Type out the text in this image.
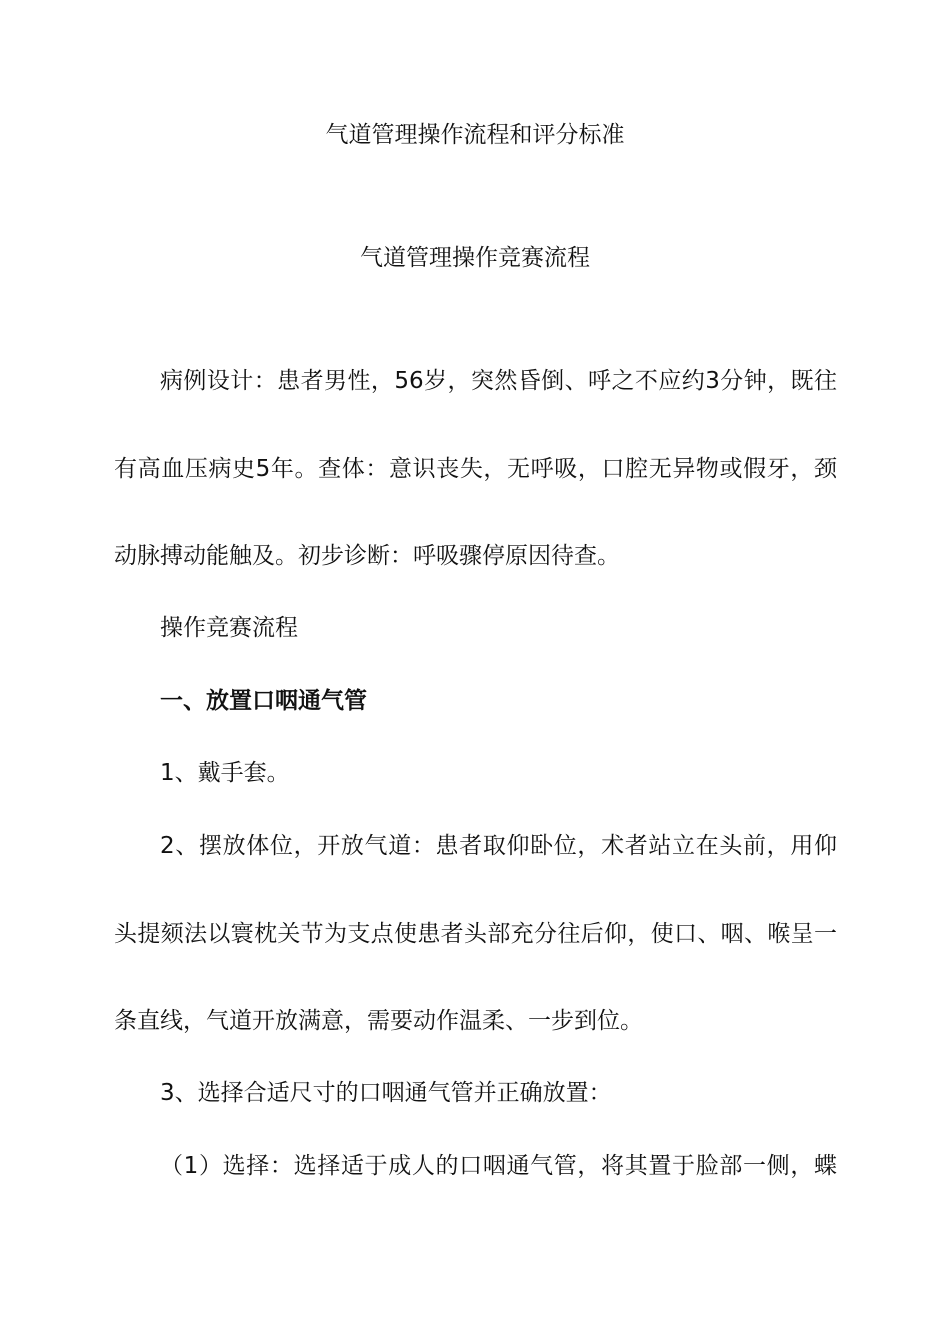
气道管理操作流程和评分标准
气道管理操作竞赛流程
病例设计：患者男性，56岁，突然昏倒、呼之不应约3分钟，既往
有高血压病史5年。查体：意识丧失，无呼吸，口腔无异物或假牙，颈
动脉搏动能触及。初步诊断：呼吸骤停原因待查。
操作竞赛流程
一、放置口咽通气管
1、戴手套。
2、摆放体位，开放气道：患者取仰卧位，术者站立在头前，用仰
头提颏法以寰枕关节为支点使患者头部充分往后仰，使口、咽、喉呈一
条直线，气道开放满意，需要动作温柔、一步到位。
3、选择合适尺寸的口咽通气管并正确放置：
（1）选择：选择适于成人的口咽通气管，将其置于脸部一侧，蝶
